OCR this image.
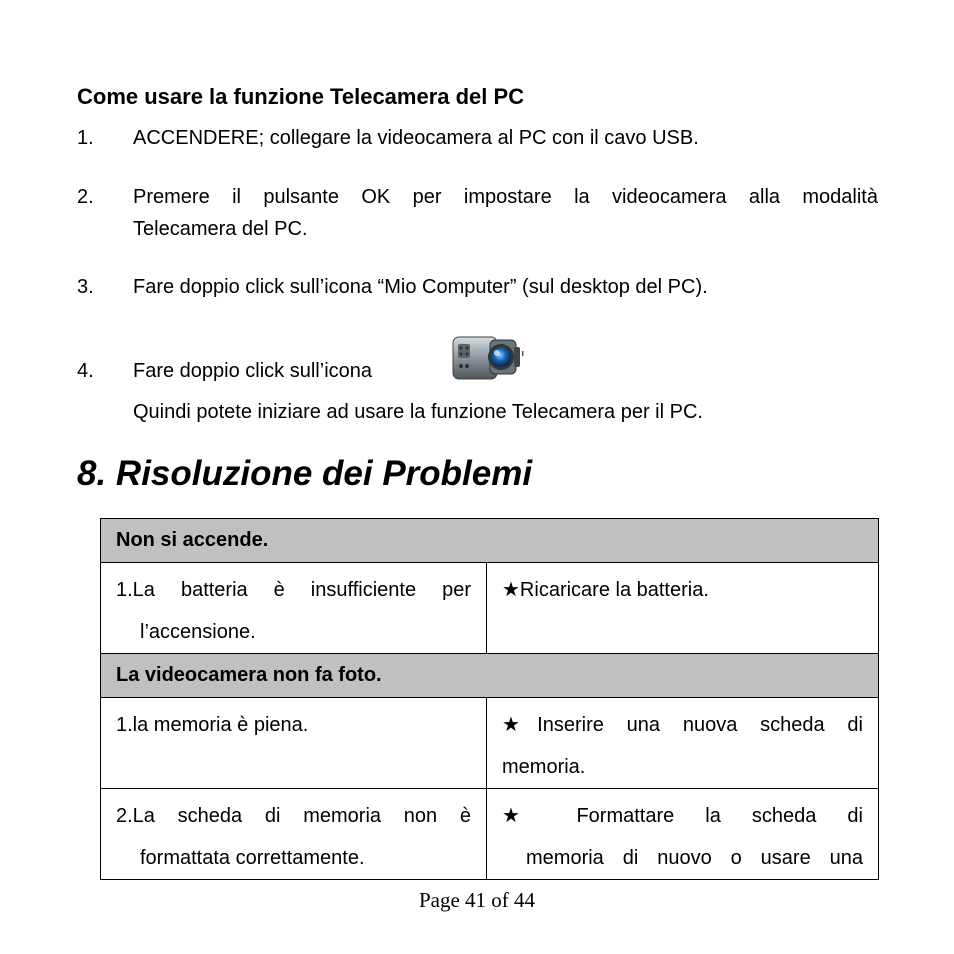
Come usare la funzione Telecamera del PC
1. ACCENDERE; collegare la videocamera al PC con il cavo USB.
2. Premere il pulsante OK per impostare la videocamera alla modalità
Telecamera del PC.
3. Fare doppio click sull’icona “Mio Computer” (sul desktop del PC).
4. Fare doppio click sull’icona
Quindi potete iniziare ad usare la funzione Telecamera per il PC.
8. Risoluzione dei Problemi
Non si accende.	

1.La batteria è insufficiente per
l’accensione.	★Ricaricare la batteria.

La videocamera non fa foto.	

1.la memoria è piena.	★Inserire una nuova scheda di
memoria.

2.La scheda di memoria non è
formattata correttamente.	★ Formattare la scheda di
memoria di nuovo o usare una
Page 41 of 44
